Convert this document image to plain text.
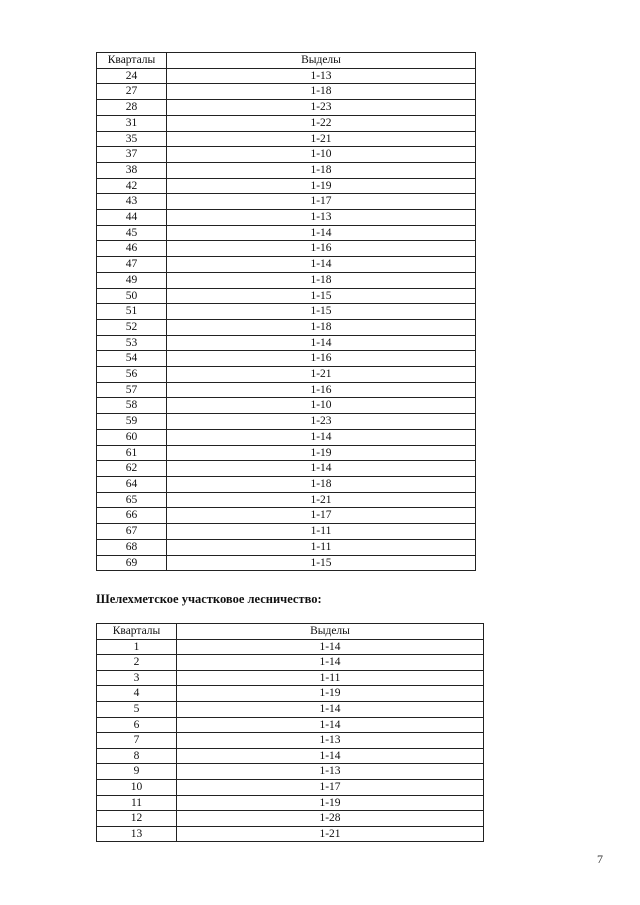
Кварталы	Выделы
24	1-13
27	1-18
28	1-23
31	1-22
35	1-21
37	1-10
38	1-18
42	1-19
43	1-17
44	1-13
45	1-14
46	1-16
47	1-14
49	1-18
50	1-15
51	1-15
52	1-18
53	1-14
54	1-16
56	1-21
57	1-16
58	1-10
59	1-23
60	1-14
61	1-19
62	1-14
64	1-18
65	1-21
66	1-17
67	1-11
68	1-11
69	1-15

Шелехметское участковое лесничество:

Кварталы	Выделы
1	1-14
2	1-14
3	1-11
4	1-19
5	1-14
6	1-14
7	1-13
8	1-14
9	1-13
10	1-17
11	1-19
12	1-28
13	1-21
7
